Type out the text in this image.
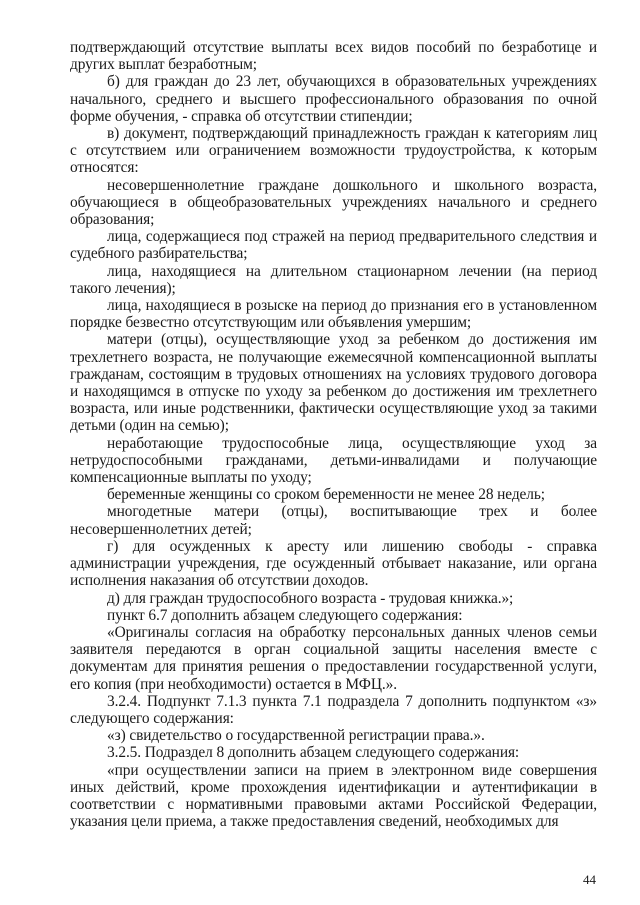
подтверждающий отсутствие выплаты всех видов пособий по безработице и других выплат безработным;

б) для граждан до 23 лет, обучающихся в образовательных учреждениях начального, среднего и высшего профессионального образования по очной форме обучения, - справка об отсутствии стипендии;

в) документ, подтверждающий принадлежность граждан к категориям лиц с отсутствием или ограничением возможности трудоустройства, к которым относятся:

несовершеннолетние граждане дошкольного и школьного возраста, обучающиеся в общеобразовательных учреждениях начального и среднего образования;

лица, содержащиеся под стражей на период предварительного следствия и судебного разбирательства;

лица, находящиеся на длительном стационарном лечении (на период такого лечения);

лица, находящиеся в розыске на период до признания его в установленном порядке безвестно отсутствующим или объявления умершим;

матери (отцы), осуществляющие уход за ребенком до достижения им трехлетнего возраста, не получающие ежемесячной компенсационной выплаты гражданам, состоящим в трудовых отношениях на условиях трудового договора и находящимся в отпуске по уходу за ребенком до достижения им трехлетнего возраста, или иные родственники, фактически осуществляющие уход за такими детьми (один на семью);

неработающие трудоспособные лица, осуществляющие уход за нетрудоспособными гражданами, детьми-инвалидами и получающие компенсационные выплаты по уходу;

беременные женщины со сроком беременности не менее 28 недель;

многодетные матери (отцы), воспитывающие трех и более несовершеннолетних детей;

г) для осужденных к аресту или лишению свободы - справка администрации учреждения, где осужденный отбывает наказание, или органа исполнения наказания об отсутствии доходов.

д) для граждан трудоспособного возраста - трудовая книжка.»;

пункт 6.7 дополнить абзацем следующего содержания:

«Оригиналы согласия на обработку персональных данных членов семьи заявителя передаются в орган социальной защиты населения вместе с документам для принятия решения о предоставлении государственной услуги, его копия (при необходимости) остается в МФЦ.».

3.2.4. Подпункт 7.1.3 пункта 7.1 подраздела 7 дополнить подпунктом «з» следующего содержания:

«з) свидетельство о государственной регистрации права.».

3.2.5. Подраздел 8 дополнить абзацем следующего содержания:

«при осуществлении записи на прием в электронном виде совершения иных действий, кроме прохождения идентификации и аутентификации в соответствии с нормативными правовыми актами Российской Федерации, указания цели приема, а также предоставления сведений, необходимых для

44
